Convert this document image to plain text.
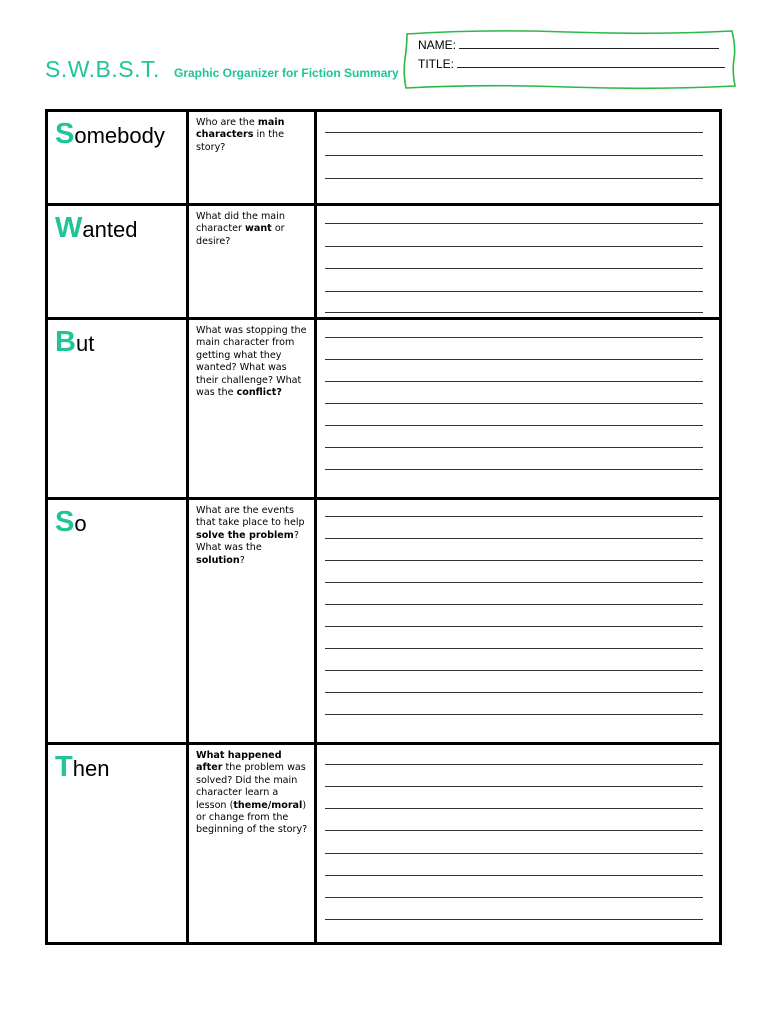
S.W.B.S.T. Graphic Organizer for Fiction Summary
NAME:
TITLE:
Somebody
Who are the main characters in the story?
Wanted
What did the main character want or desire?
But
What was stopping the main character from getting what they wanted? What was their challenge? What was the conflict?
So
What are the events that take place to help solve the problem? What was the solution?
Then
What happened after the problem was solved? Did the main character learn a lesson (theme/moral) or change from the beginning of the story?
